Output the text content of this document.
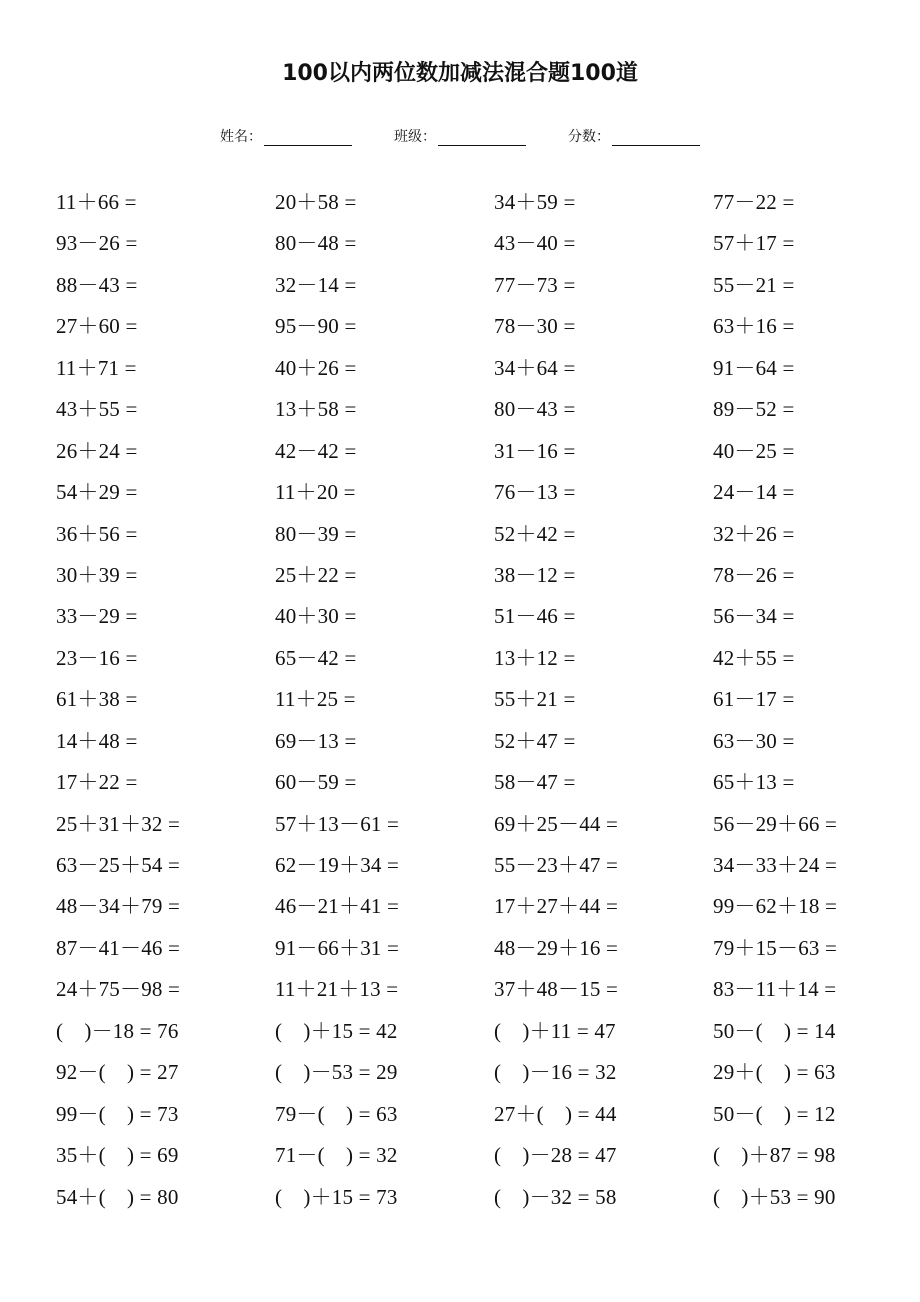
100以内两位数加减法混合题100道
姓名：	班级：	分数：
11＋66 =	20＋58 =	34＋59 =	77－22 =
93－26 =	80－48 =	43－40 =	57＋17 =
88－43 =	32－14 =	77－73 =	55－21 =
27＋60 =	95－90 =	78－30 =	63＋16 =
11＋71 =	40＋26 =	34＋64 =	91－64 =
43＋55 =	13＋58 =	80－43 =	89－52 =
26＋24 =	42－42 =	31－16 =	40－25 =
54＋29 =	11＋20 =	76－13 =	24－14 =
36＋56 =	80－39 =	52＋42 =	32＋26 =
30＋39 =	25＋22 =	38－12 =	78－26 =
33－29 =	40＋30 =	51－46 =	56－34 =
23－16 =	65－42 =	13＋12 =	42＋55 =
61＋38 =	11＋25 =	55＋21 =	61－17 =
14＋48 =	69－13 =	52＋47 =	63－30 =
17＋22 =	60－59 =	58－47 =	65＋13 =
25＋31＋32 =	57＋13－61 =	69＋25－44 =	56－29＋66 =
63－25＋54 =	62－19＋34 =	55－23＋47 =	34－33＋24 =
48－34＋79 =	46－21＋41 =	17＋27＋44 =	99－62＋18 =
87－41－46 =	91－66＋31 =	48－29＋16 =	79＋15－63 =
24＋75－98 =	11＋21＋13 =	37＋48－15 =	83－11＋14 =
(　)－18 = 76	(　)＋15 = 42	(　)＋11 = 47	50－(　) = 14
92－(　) = 27	(　)－53 = 29	(　)－16 = 32	29＋(　) = 63
99－(　) = 73	79－(　) = 63	27＋(　) = 44	50－(　) = 12
35＋(　) = 69	71－(　) = 32	(　)－28 = 47	(　)＋87 = 98
54＋(　) = 80	(　)＋15 = 73	(　)－32 = 58	(　)＋53 = 90
